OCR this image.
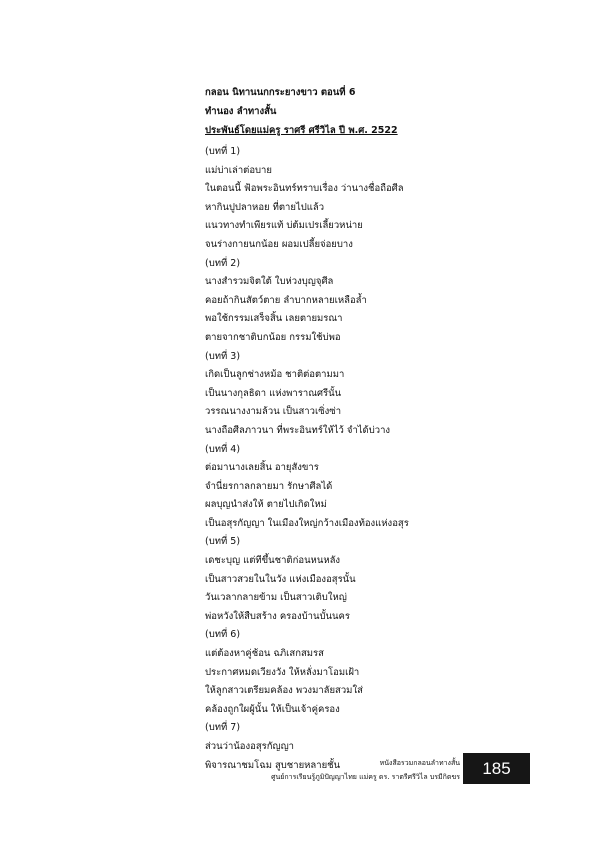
กลอน นิทานนกกระยางขาว ตอนที่ 6
ทำนอง ลำทางสั้น
ประพันธ์โดยแม่ครู ราศรี ศรีวิไล ปี พ.ศ. 2522
(บทที่ 1)
แม่บ่าเล่าต่อบาย
ในตอนนี้ ฟ้อพระอินทร์ทราบเรื่อง ว่านางชื่อถือศีล
หากินปูปลาหอย ที่ตายไปแล้ว
แนวทางทำเพียรแท้ บ่ต้มเปรเลี้ยวหน่าย
จนร่างกายนกน้อย ผอมเปลี้ยจ่อยบาง
(บทที่ 2)
นางสำรวมจิตใต้ ใบห่วงบุญจุศีล
คอยถ้ากินสัตว์ตาย ลำบากหลายเหลือล้ำ
พอใช้กรรมเสร็จสิ้น เลยตายมรณา
ตายจากชาติบกน้อย กรรมใช้บ่พอ
(บทที่ 3)
เกิดเป็นลูกช่างหม้อ ชาติต่อตามมา
เป็นนางกุลธิดา แห่งพาราณศรีนั้น
วรรณนางงามล้วน เป็นสาวเซิ่งซ่า
นางถือศีลภาวนา ที่พระอินทร์ให้ไว้ จำได้บ่วาง
(บทที่ 4)
ต่อมานางเลยสิ้น อายุสังขาร
จำนี่ยรกาลกลายมา รักษาศีลได้
ผลบุญนำส่งให้ ตายไปเกิดใหม่
เป็นอสุรกัญญา ในเมืองใหญ่กว้างเมืองท้องแห่งอสุร
(บทที่ 5)
เดชะบุญ แต่ทีขึ้นชาติก่อนหนหลัง
เป็นสาวสวยในในวัง แห่งเมืองอสุรนั้น
วันเวลากลายข้าม เป็นสาวเติบใหญ่
พ่อหวังให้สืบสร้าง ครองบ้านบั้นนคร
(บทที่ 6)
แต่ต้องหาคู่ช้อน ฉภิเสกสมรส
ประกาศหมดเวียงวัง ให้หลั่งมาโอมเฝ้า
ให้ลูกสาวเตรียมคล้อง พวงมาลัยสวมใส่
คล้องถูกใผผู้นั้น ให้เป็นเจ้าคู่ครอง
(บทที่ 7)
ส่วนว่าน้องอสุรกัญญา
พิจารณาชมโฉม สูบชายหลายชั้น	หนังสือรวมกลอนลำทางสั้น
ศูนย์การเรียนรู้ภูมิปัญญาไทย แม่ครู ดร. ราตรีศรีวิไล บรมีกิตขร 185
